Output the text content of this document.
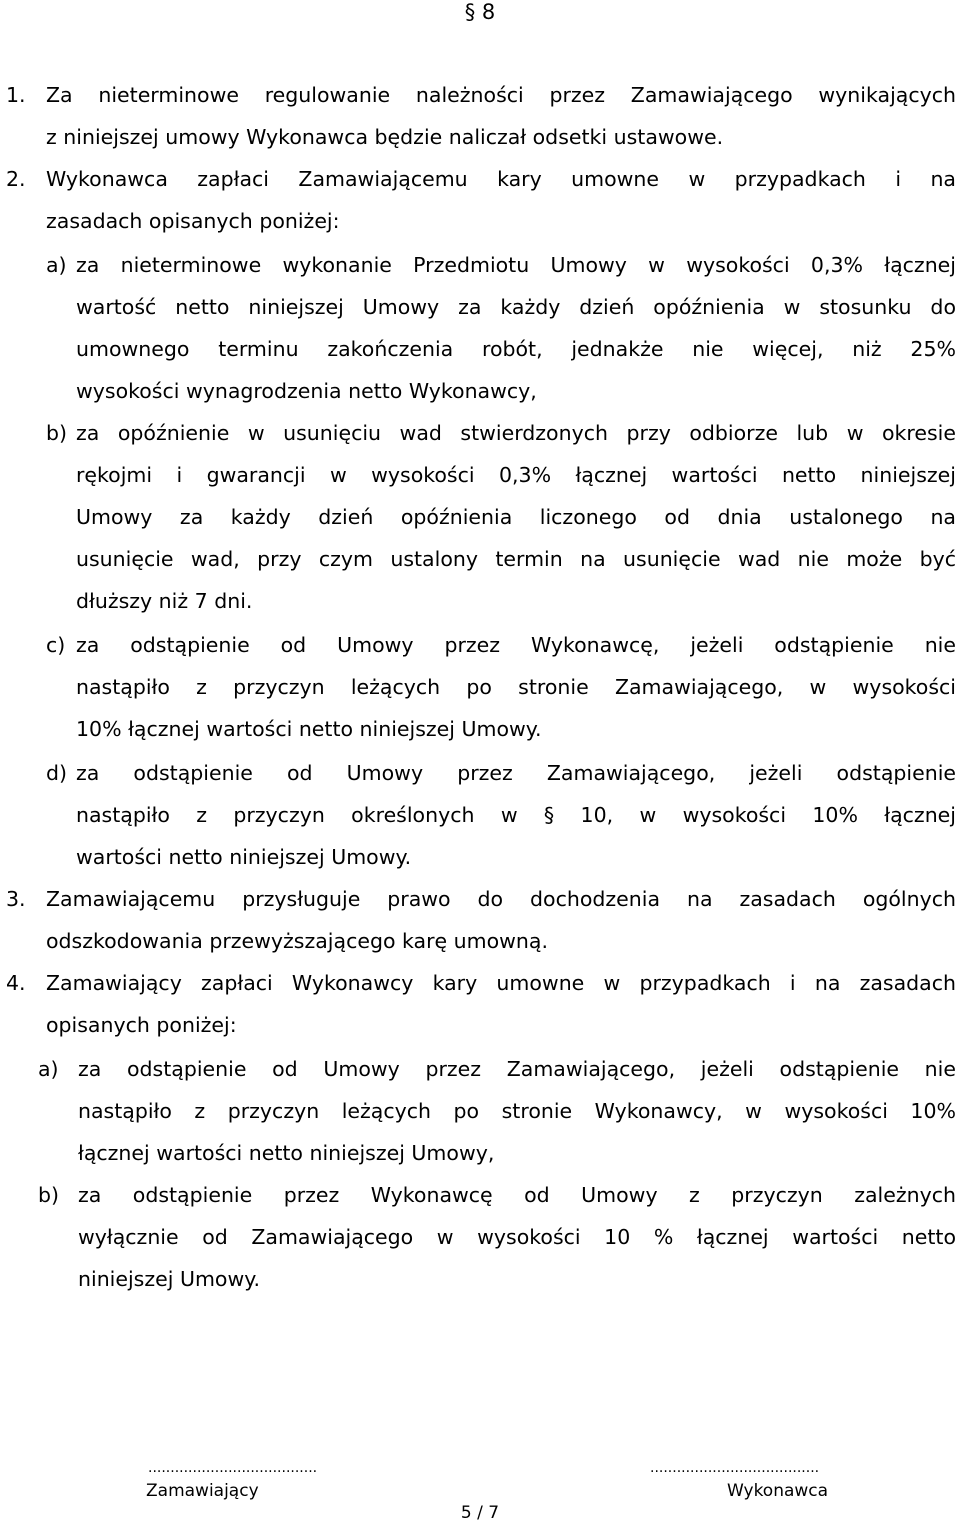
§ 8
1. Za nieterminowe regulowanie należności przez Zamawiającego wynikających
z niniejszej umowy Wykonawca będzie naliczał odsetki ustawowe.
2. Wykonawca zapłaci Zamawiającemu kary umowne w przypadkach i na
zasadach opisanych poniżej:
a) za nieterminowe wykonanie Przedmiotu Umowy w wysokości 0,3% łącznej
wartość netto niniejszej Umowy za każdy dzień opóźnienia w stosunku do
umownego terminu zakończenia robót, jednakże nie więcej, niż 25%
wysokości wynagrodzenia netto Wykonawcy,
b) za opóźnienie w usunięciu wad stwierdzonych przy odbiorze lub w okresie
rękojmi i gwarancji w wysokości 0,3% łącznej wartości netto niniejszej
Umowy za każdy dzień opóźnienia liczonego od dnia ustalonego na
usunięcie wad, przy czym ustalony termin na usunięcie wad nie może być
dłuższy niż 7 dni.
c) za odstąpienie od Umowy przez Wykonawcę, jeżeli odstąpienie nie
nastąpiło z przyczyn leżących po stronie Zamawiającego, w wysokości
10% łącznej wartości netto niniejszej Umowy.
d) za odstąpienie od Umowy przez Zamawiającego, jeżeli odstąpienie
nastąpiło z przyczyn określonych w § 10, w wysokości 10% łącznej
wartości netto niniejszej Umowy.
3. Zamawiającemu przysługuje prawo do dochodzenia na zasadach ogólnych
odszkodowania przewyższającego karę umowną.
4. Zamawiający zapłaci Wykonawcy kary umowne w przypadkach i na zasadach
opisanych poniżej:
a) za odstąpienie od Umowy przez Zamawiającego, jeżeli odstąpienie nie
nastąpiło z przyczyn leżących po stronie Wykonawcy, w wysokości 10%
łącznej wartości netto niniejszej Umowy,
b) za odstąpienie przez Wykonawcę od Umowy z przyczyn zależnych
wyłącznie od Zamawiającego w wysokości 10 % łącznej wartości netto
niniejszej Umowy.
......................................
Zamawiający
......................................
Wykonawca
5 / 7
